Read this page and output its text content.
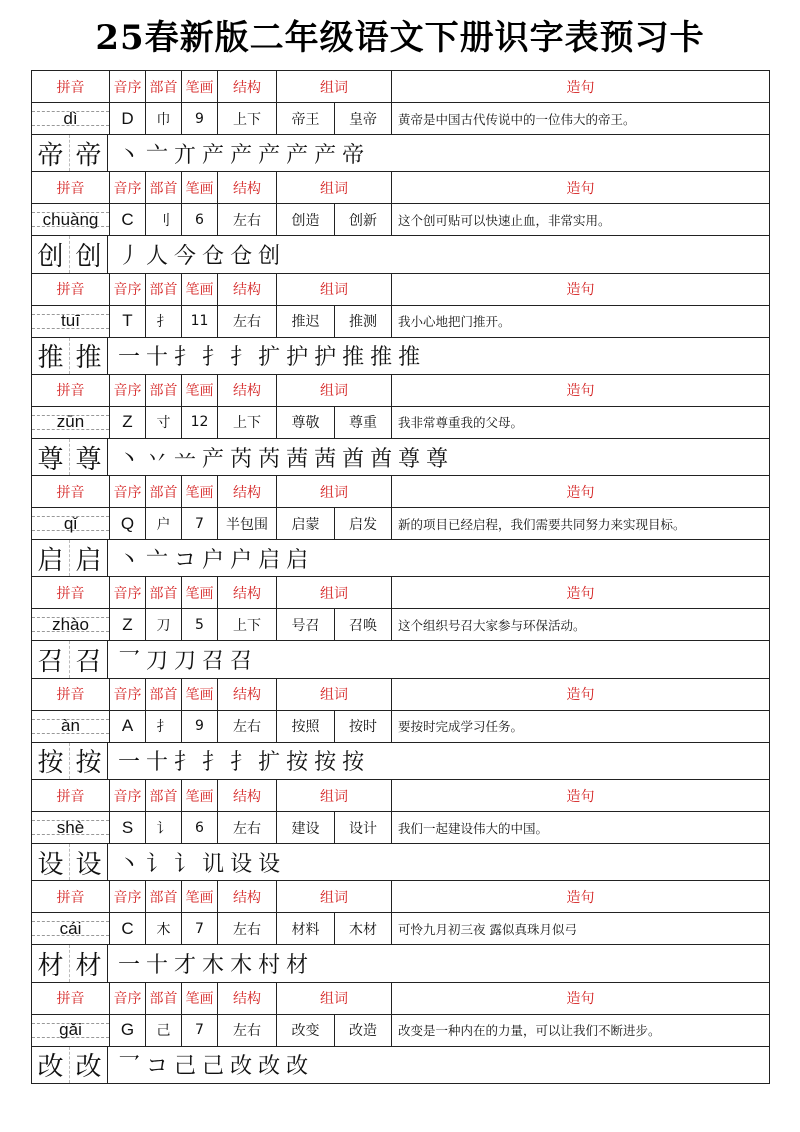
25春新版二年级语文下册识字表预习卡
拼音	音序 部首 笔画	结构	组词	造句
dì	D	巾	9	上下	帝王	皇帝	黄帝是中国古代传说中的一位伟大的帝王。
帝 帝 丶 亠 亣 产 产 产 产 产 帝
拼音	音序 部首 笔画	结构	组词	造句
chuàng	C	刂	6	左右	创造	创新	这个创可贴可以快速止血，非常实用。
创 创 丿 人 今 仓 仓 创
拼音	音序 部首 笔画	结构	组词	造句
tuī	T	扌	11	左右	推迟	推测	我小心地把门推开。
推 推 一 十 扌 扌 扌 扩 护 护 推 推 推
拼音	音序 部首 笔画	结构	组词	造句
zūn	Z	寸	12	上下	尊敬	尊重	我非常尊重我的父母。
尊 尊 丶 丷 䒑 产 芮 芮 茜 茜 酋 酋 尊 尊
拼音	音序 部首 笔画	结构	组词	造句
qǐ	Q	户	7	半包围	启蒙	启发	新的项目已经启程，我们需要共同努力来实现目标。
启 启 丶 亠 コ 户 户 启 启
拼音	音序 部首 笔画	结构	组词	造句
zhào	Z	刀	5	上下	号召	召唤	这个组织号召大家参与环保活动。
召 召 乛 刀 刀 召 召
拼音	音序 部首 笔画	结构	组词	造句
àn	A	扌	9	左右	按照	按时	要按时完成学习任务。
按 按 一 十 扌 扌 扌 扩 按 按 按
拼音	音序 部首 笔画	结构	组词	造句
shè	S	讠	6	左右	建设	设计	我们一起建设伟大的中国。
设 设 丶 讠 讠 讥 设 设
拼音	音序 部首 笔画	结构	组词	造句
cái	C	木	7	左右	材料	木材	可怜九月初三夜 露似真珠月似弓
材 材 一 十 才 木 木 村 材
拼音	音序 部首 笔画	结构	组词	造句
gǎi	G	己	7	左右	改变	改造	改变是一种内在的力量，可以让我们不断进步。
改 改 乛 コ 己 己 改 改 改
